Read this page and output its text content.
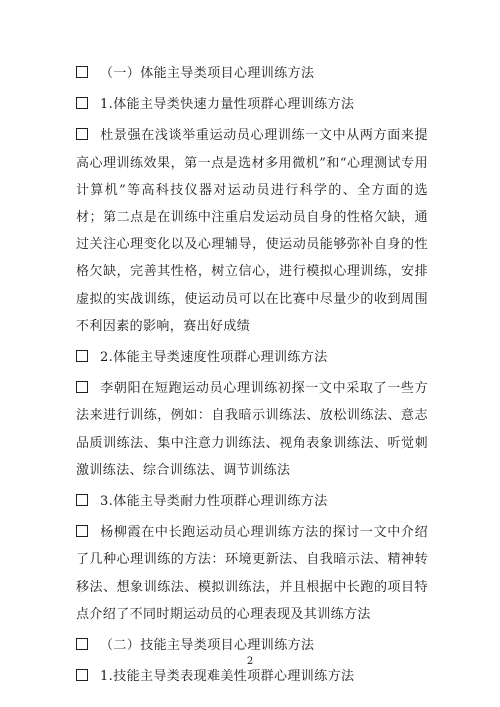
（一）体能主导类项目心理训练方法

1.体能主导类快速力量性项群心理训练方法

杜景强在浅谈举重运动员心理训练一文中从两方面来提高心理训练效果，第一点是选材多用微机”和“心理测试专用计算机”等高科技仪器对运动员进行科学的、全方面的选材；第二点是在训练中注重启发运动员自身的性格欠缺，通过关注心理变化以及心理辅导，使运动员能够弥补自身的性格欠缺，完善其性格，树立信心，进行模拟心理训练，安排虚拟的实战训练，使运动员可以在比赛中尽量少的收到周围不利因素的影响，赛出好成绩

2.体能主导类速度性项群心理训练方法

李朝阳在短跑运动员心理训练初探一文中采取了一些方法来进行训练，例如：自我暗示训练法、放松训练法、意志品质训练法、集中注意力训练法、视角表象训练法、听觉刺激训练法、综合训练法、调节训练法

3.体能主导类耐力性项群心理训练方法

杨柳霞在中长跑运动员心理训练方法的探讨一文中介绍了几种心理训练的方法：环境更新法、自我暗示法、精神转移法、想象训练法、模拟训练法，并且根据中长跑的项目特点介绍了不同时期运动员的心理表现及其训练方法

（二）技能主导类项目心理训练方法

1.技能主导类表现难美性项群心理训练方法

2
